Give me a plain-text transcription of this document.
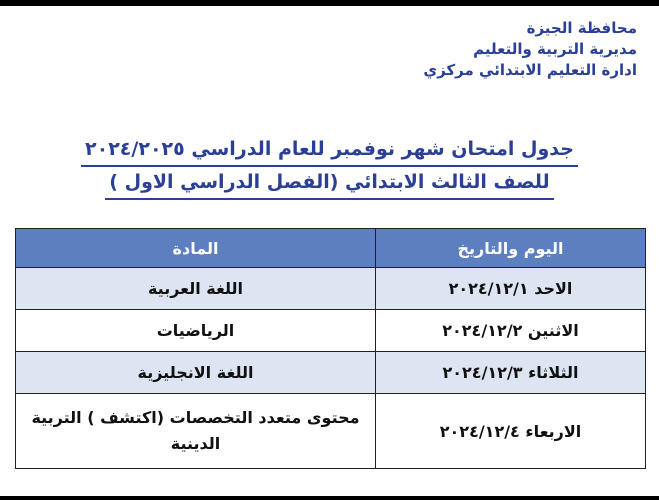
محافظة الجيزة
مديرية التربية والتعليم
ادارة التعليم الابتدائي مركزي
جدول امتحان شهر نوفمبر للعام الدراسي ٢٠٢٤/٢٠٢٥
للصف الثالث الابتدائي (الفصل الدراسي الاول )
اليوم والتاريخ	المادة
الاحد ٢٠٢٤/١٢/١	اللغة العربية
الاثنين ٢٠٢٤/١٢/٢	الرياضيات
الثلاثاء ٢٠٢٤/١٢/٣	اللغة الانجليزية
الاربعاء ٢٠٢٤/١٢/٤	محتوى متعدد التخصصات (اكتشف ) التربية الدينية
